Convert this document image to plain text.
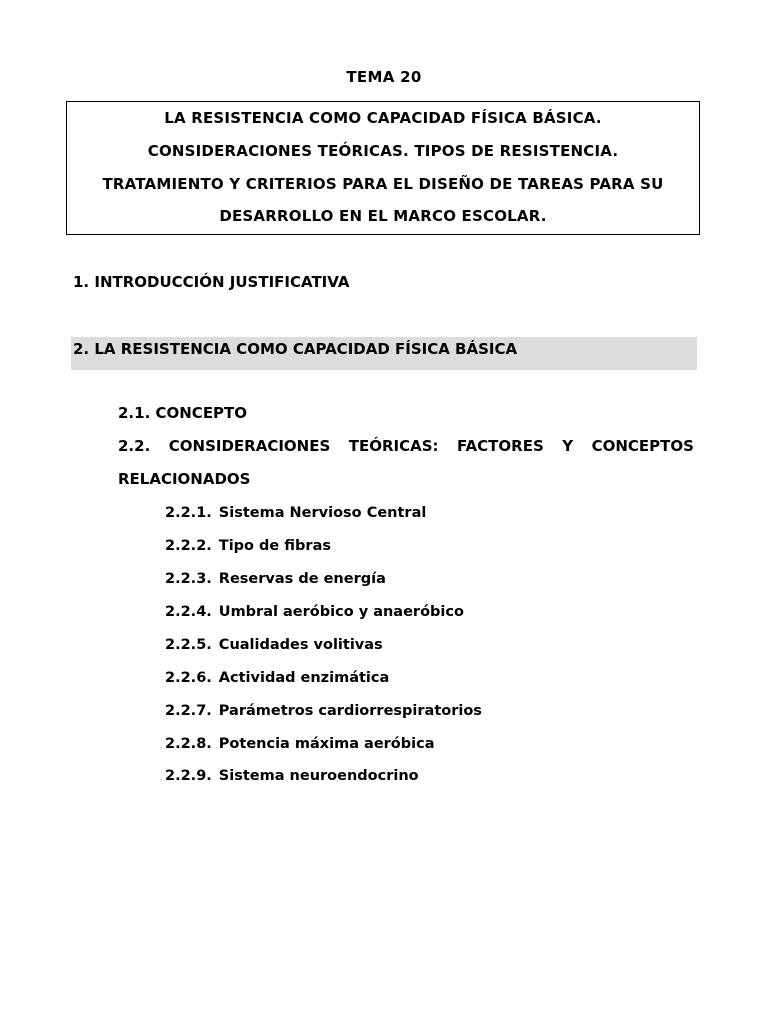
TEMA 20
LA RESISTENCIA COMO CAPACIDAD FÍSICA BÁSICA.
CONSIDERACIONES TEÓRICAS. TIPOS DE RESISTENCIA.
TRATAMIENTO Y CRITERIOS PARA EL DISEÑO DE TAREAS PARA SU
DESARROLLO EN EL MARCO ESCOLAR.
1. INTRODUCCIÓN JUSTIFICATIVA
2. LA RESISTENCIA COMO CAPACIDAD FÍSICA BÁSICA
2.1. CONCEPTO
2.2. CONSIDERACIONES TEÓRICAS: FACTORES Y CONCEPTOS
RELACIONADOS
2.2.1. Sistema Nervioso Central
2.2.2. Tipo de fibras
2.2.3. Reservas de energía
2.2.4. Umbral aeróbico y anaeróbico
2.2.5. Cualidades volitivas
2.2.6. Actividad enzimática
2.2.7. Parámetros cardiorrespiratorios
2.2.8. Potencia máxima aeróbica
2.2.9. Sistema neuroendocrino
